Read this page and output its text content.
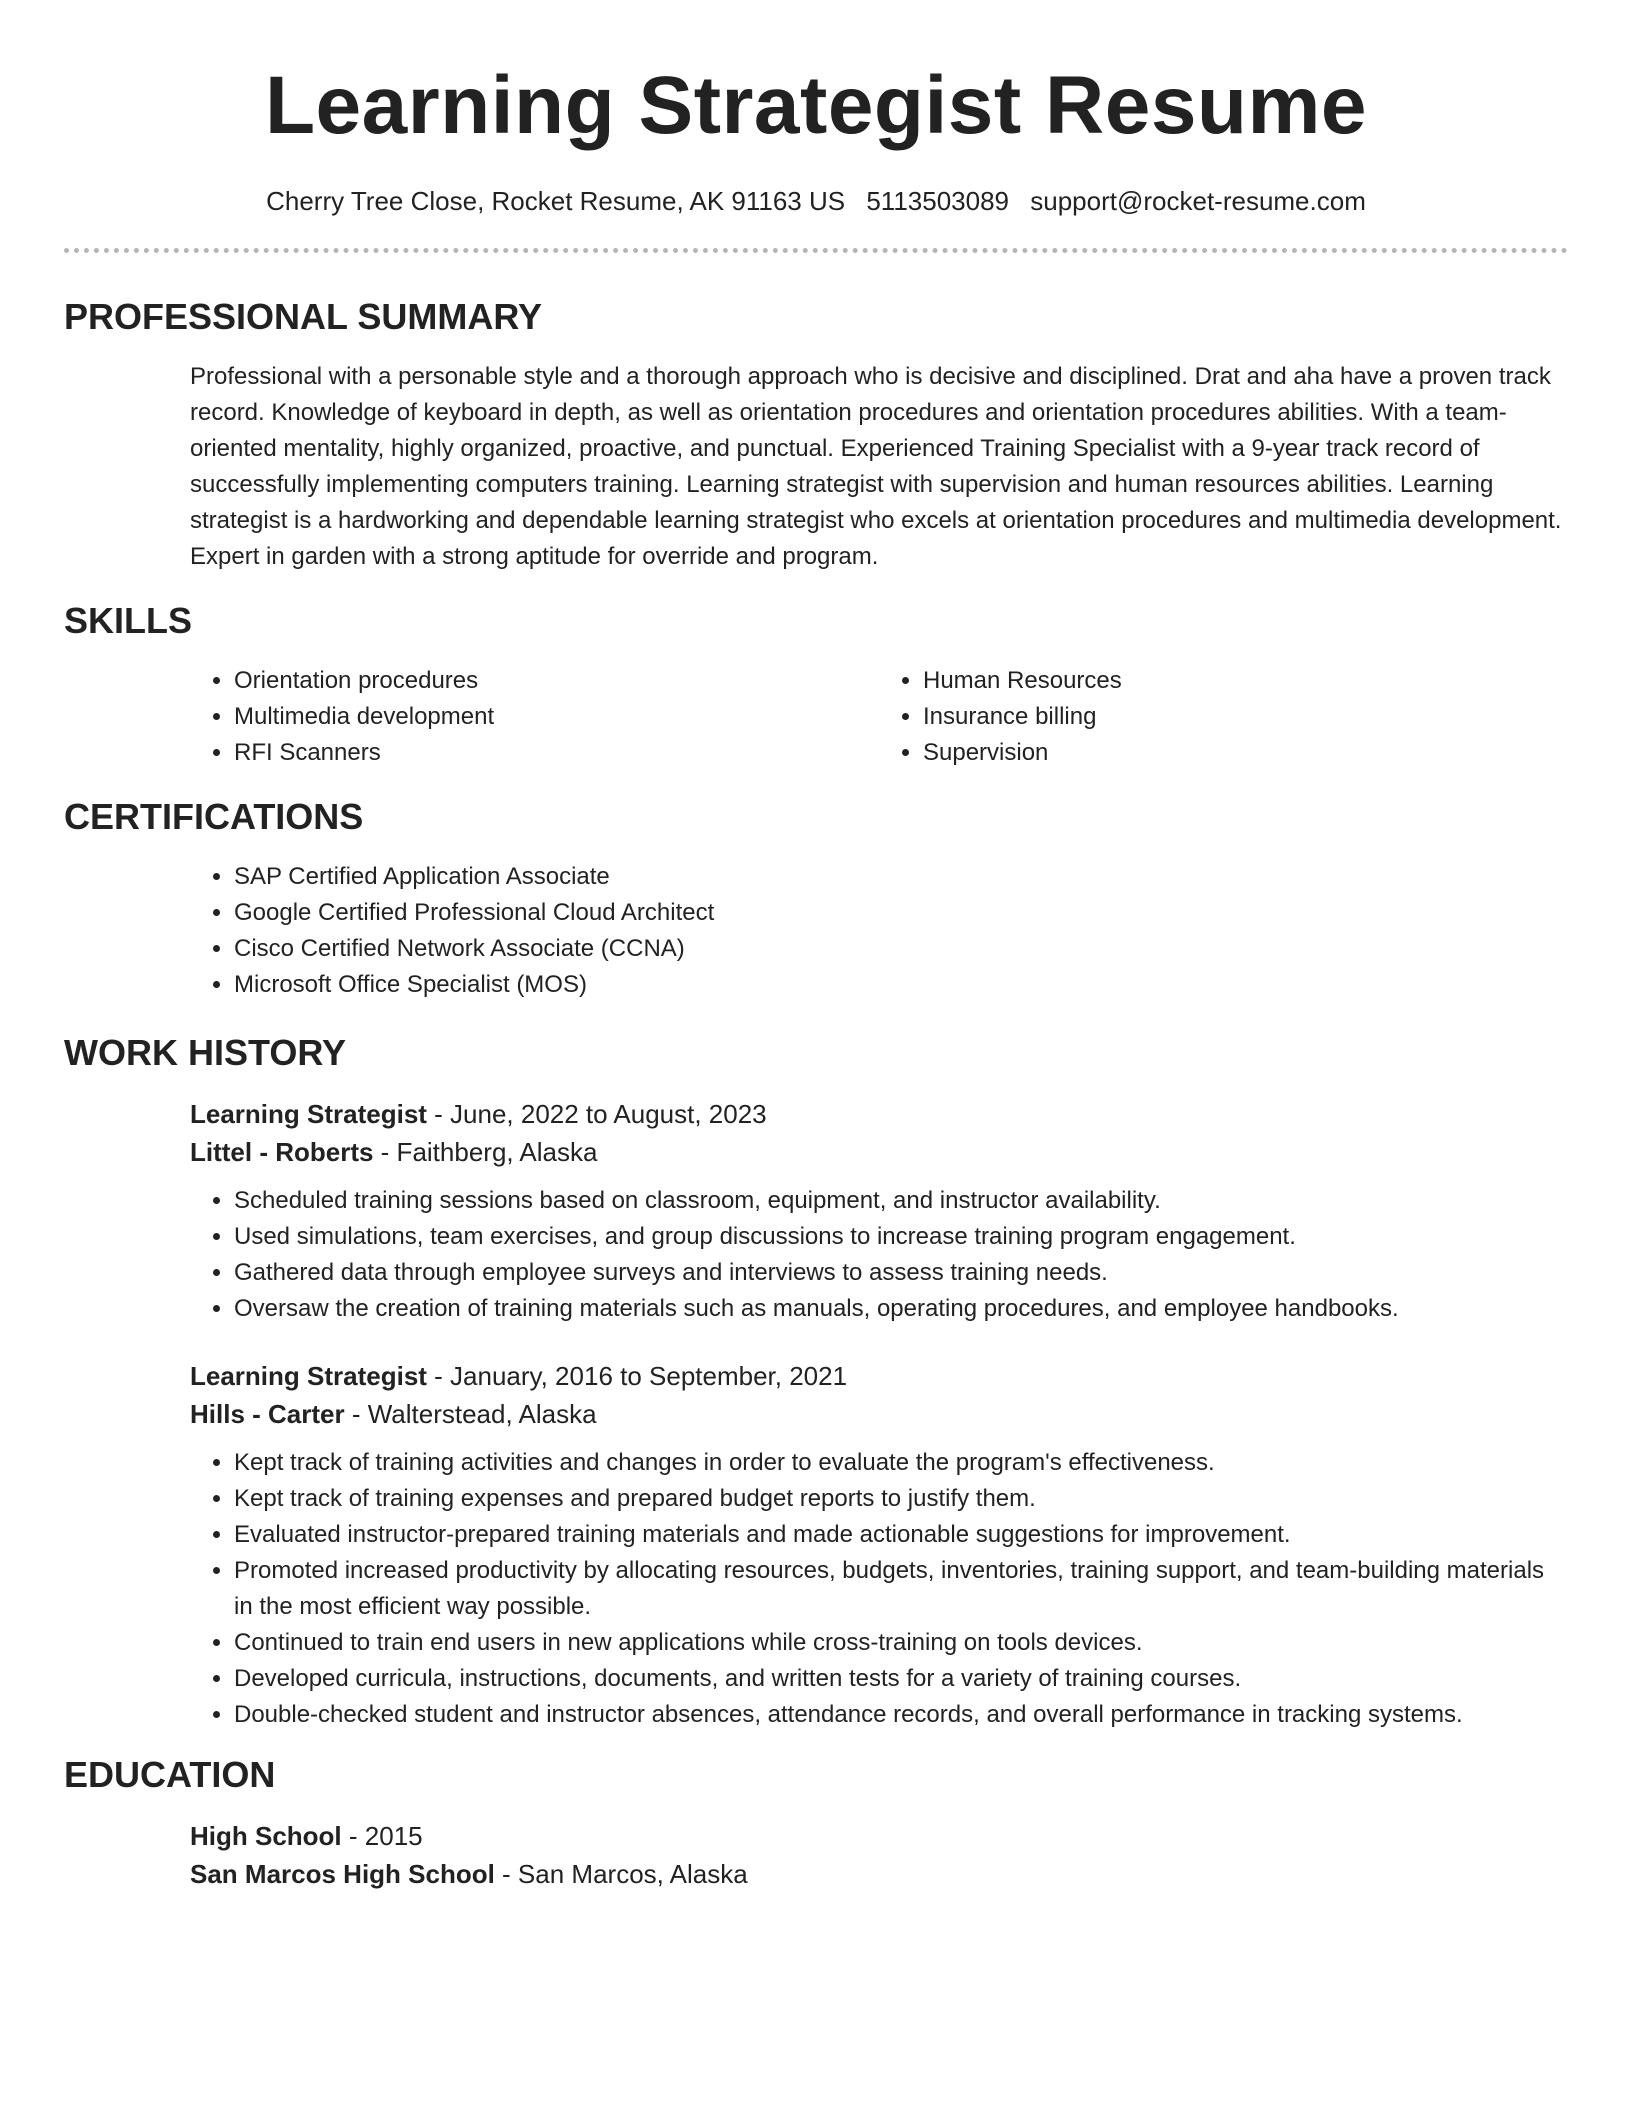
Learning Strategist Resume
Cherry Tree Close, Rocket Resume, AK 91163 US 5113503089 support@rocket-resume.com
PROFESSIONAL SUMMARY

Professional with a personable style and a thorough approach who is decisive and disciplined. Drat and aha have a proven track record. Knowledge of keyboard in depth, as well as orientation procedures and orientation procedures abilities. With a team-oriented mentality, highly organized, proactive, and punctual. Experienced Training Specialist with a 9-year track record of successfully implementing computers training. Learning strategist with supervision and human resources abilities. Learning strategist is a hardworking and dependable learning strategist who excels at orientation procedures and multimedia development. Expert in garden with a strong aptitude for override and program.

SKILLS
• Orientation procedures
• Multimedia development
• RFI Scanners
• Human Resources
• Insurance billing
• Supervision
CERTIFICATIONS
• SAP Certified Application Associate
• Google Certified Professional Cloud Architect
• Cisco Certified Network Associate (CCNA)
• Microsoft Office Specialist (MOS)
WORK HISTORY

Learning Strategist - June, 2022 to August, 2023

Littel - Roberts - Faithberg, Alaska

• Scheduled training sessions based on classroom, equipment, and instructor availability.
• Used simulations, team exercises, and group discussions to increase training program engagement.
• Gathered data through employee surveys and interviews to assess training needs.
• Oversaw the creation of training materials such as manuals, operating procedures, and employee handbooks.

Learning Strategist - January, 2016 to September, 2021

Hills - Carter - Walterstead, Alaska

• Kept track of training activities and changes in order to evaluate the program's effectiveness.
• Kept track of training expenses and prepared budget reports to justify them.
• Evaluated instructor-prepared training materials and made actionable suggestions for improvement.
• Promoted increased productivity by allocating resources, budgets, inventories, training support, and team-building materials in the most efficient way possible.
• Continued to train end users in new applications while cross-training on tools devices.
• Developed curricula, instructions, documents, and written tests for a variety of training courses.
• Double-checked student and instructor absences, attendance records, and overall performance in tracking systems.
EDUCATION

High School - 2015

San Marcos High School - San Marcos, Alaska
